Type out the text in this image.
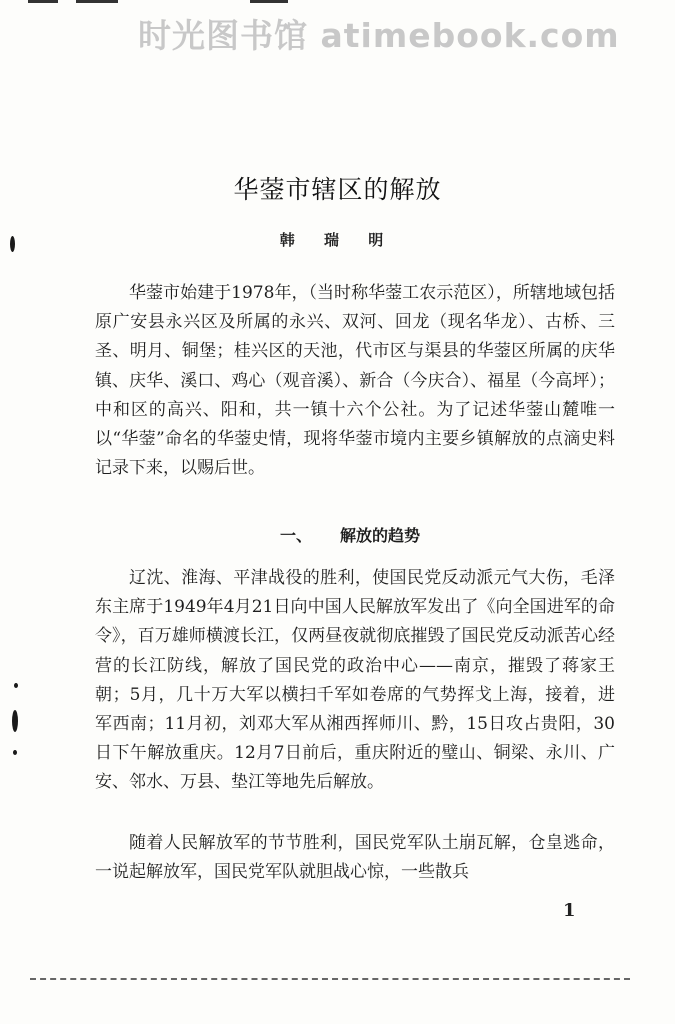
时光图书馆 atimebook.com
华蓥市辖区的解放
韩 瑞 明
华蓥市始建于1978年，（当时称华蓥工农示范区），所辖地域包括原广安县永兴区及所属的永兴、双河、回龙（现名华龙）、古桥、三圣、明月、铜堡；桂兴区的天池，代市区与渠县的华蓥区所属的庆华镇、庆华、溪口、鸡心（观音溪）、新合（今庆合）、福星（今高坪）；中和区的高兴、阳和，共一镇十六个公社。为了记述华蓥山麓唯一以“华蓥”命名的华蓥史情，现将华蓥市境内主要乡镇解放的点滴史料记录下来，以赐后世。
一、 解放的趋势
辽沈、淮海、平津战役的胜利，使国民党反动派元气大伤，毛泽东主席于1949年4月21日向中国人民解放军发出了《向全国进军的命令》，百万雄师横渡长江，仅两昼夜就彻底摧毁了国民党反动派苦心经营的长江防线，解放了国民党的政治中心——南京，摧毁了蒋家王朝；5月，几十万大军以横扫千军如卷席的气势挥戈上海，接着，进军西南；11月初，刘邓大军从湘西挥师川、黔，15日攻占贵阳，30日下午解放重庆。12月7日前后，重庆附近的璧山、铜梁、永川、广安、邻水、万县、垫江等地先后解放。
随着人民解放军的节节胜利，国民党军队土崩瓦解，仓皇逃命，一说起解放军，国民党军队就胆战心惊，一些散兵
1
